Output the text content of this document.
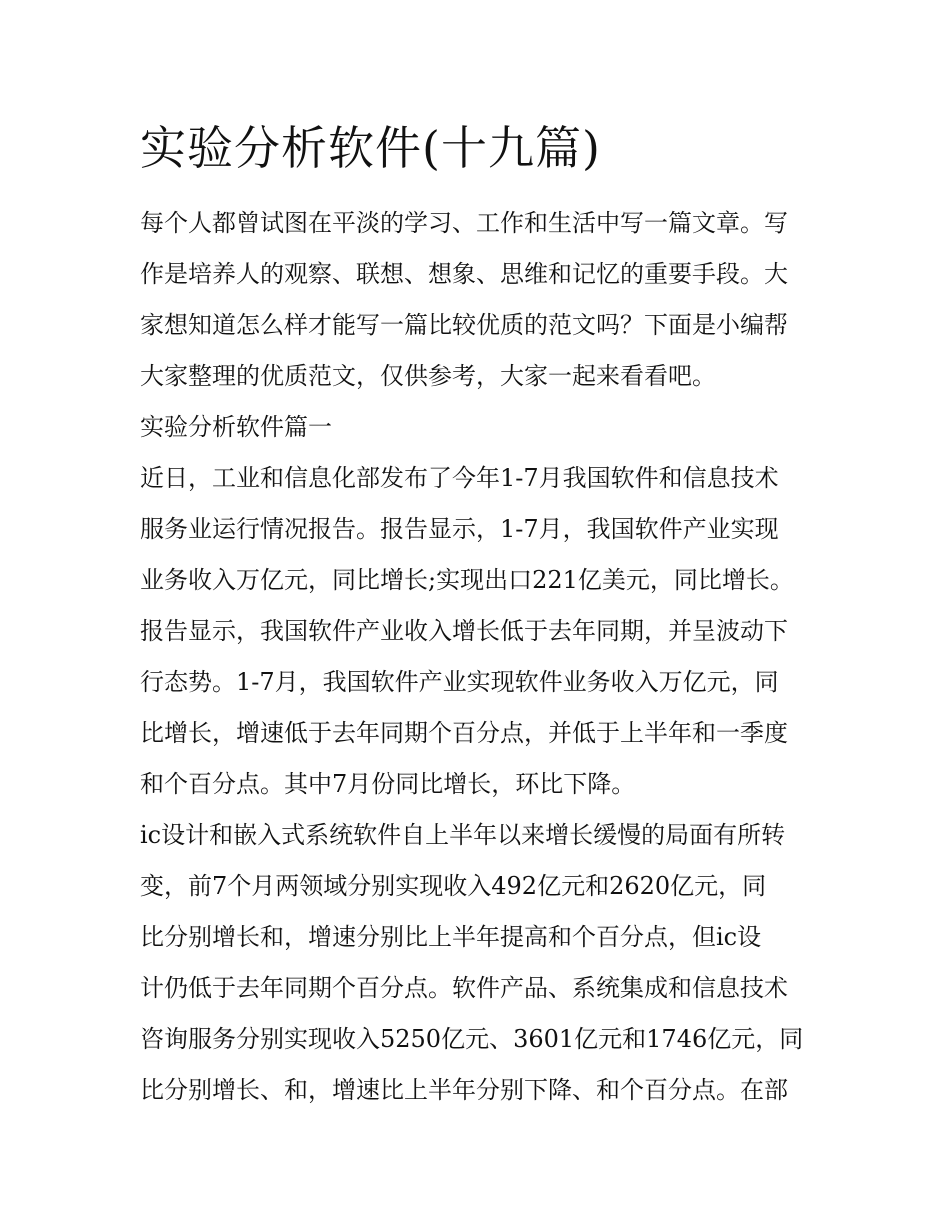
实验分析软件(十九篇)
每个人都曾试图在平淡的学习、工作和生活中写一篇文章。写
作是培养人的观察、联想、想象、思维和记忆的重要手段。大
家想知道怎么样才能写一篇比较优质的范文吗？下面是小编帮
大家整理的优质范文，仅供参考，大家一起来看看吧。
实验分析软件篇一
近日，工业和信息化部发布了今年1-7月我国软件和信息技术
服务业运行情况报告。报告显示，1-7月，我国软件产业实现
业务收入万亿元，同比增长;实现出口221亿美元，同比增长。
报告显示，我国软件产业收入增长低于去年同期，并呈波动下
行态势。1-7月，我国软件产业实现软件业务收入万亿元，同
比增长，增速低于去年同期个百分点，并低于上半年和一季度
和个百分点。其中7月份同比增长，环比下降。
ic设计和嵌入式系统软件自上半年以来增长缓慢的局面有所转
变，前7个月两领域分别实现收入492亿元和2620亿元，同
比分别增长和，增速分别比上半年提高和个百分点，但ic设
计仍低于去年同期个百分点。软件产品、系统集成和信息技术
咨询服务分别实现收入5250亿元、3601亿元和1746亿元，同
比分别增长、和，增速比上半年分别下降、和个百分点。在部
